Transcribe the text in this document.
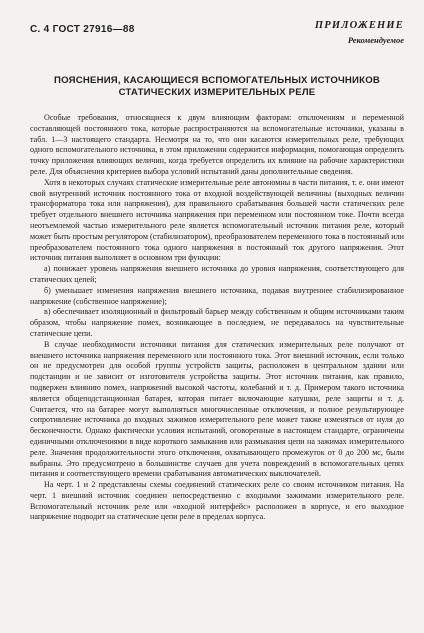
С. 4 ГОСТ 27916—88	ПРИЛОЖЕНИЕ
Рекомендуемое
ПОЯСНЕНИЯ, КАСАЮЩИЕСЯ ВСПОМОГАТЕЛЬНЫХ ИСТОЧНИКОВ
СТАТИЧЕСКИХ ИЗМЕРИТЕЛЬНЫХ РЕЛЕ

Особые требования, относящиеся к двум влияющим факторам: отключениям и переменной составляющей постоянного тока, которые распространяются на вспомогательные источники, указаны в табл. 1—3 настоящего стандарта. Несмотря на то, что они касаются измерительных реле, требующих одного вспомогательного источника, в этом приложении содержится информация, помогающая определить точку приложения влияющих величин, когда требуется определить их влияние на рабочие характеристики реле. Для объяснения критериев выбора условий испытаний даны дополнительные сведения.

Хотя в некоторых случаях статические измерительные реле автономны в части питания, т. е. они имеют свой внутренний источник постоянного тока от входной воздействующей величины (выходных величин трансформатора тока или напряжения), для правильного срабатывания большей части статических реле требует отдельного внешнего источника напряжения при переменном или постоянном токе. Почти всегда неотъемлемой частью измерительного реле является вспомогательный источник питания реле, который может быть простым регулятором (стабилизатором), преобразователем переменного тока в постоянный или преобразователем постоянного тока одного напряжения в постоянный ток другого напряжения. Этот источник питания выполняет в основном три функции:

а) понижает уровень напряжения внешнего источника до уровня напряжения, соответствующего для статических цепей;

б) уменьшает изменения напряжения внешнего источника, подавая внутреннее стабилизированное напряжение (собственное напряжение);

в) обеспечивает изоляционный и фильтровый барьер между собственным и общим источниками таким образом, чтобы напряжение помех, возникающее в последнем, не передавалось на чувствительные статические цепи.

В случае необходимости источники питания для статических измерительных реле получают от внешнего источника напряжения переменного или постоянного тока. Этот внешний источник, если только он не предусмотрен для особой группы устройств защиты, расположен в центральном здании или подстанции и не зависит от изготовителя устройства защиты. Этот источник питания, как правило, подвержен влиянию помех, напряжений высокой частоты, колебаний и т. д. Примером такого источника является общеподстанционная батарея, которая питает включающие катушки, реле защиты и т. д. Считается, что на батарее могут выполняться многочисленные отключения, и полное результирующее сопротивление источника до входных зажимов измерительного реле может также изменяться от нуля до бесконечности. Однако фактически условия испытаний, оговоренные в настоящем стандарте, ограничены единичными отключениями в виде короткого замыкания или размыкания цепи на зажимах измерительного реле. Значения продолжительности этого отключения, охватывающего промежуток от 0 до 200 мс, были выбраны. Это предусмотрено в большинстве случаев для учета повреждений в вспомогательных цепях питания и соответствующего времени срабатывания автоматических выключателей.

На черт. 1 и 2 представлены схемы соединений статических реле со своим источником питания. На черт. 1 внешний источник соединен непосредственно с входными зажимами измерительного реле. Вспомогательный источник реле или «входной интерфейс» расположен в корпусе, и его выходное напряжение подводит на статические цепи реле в пределах корпуса.
